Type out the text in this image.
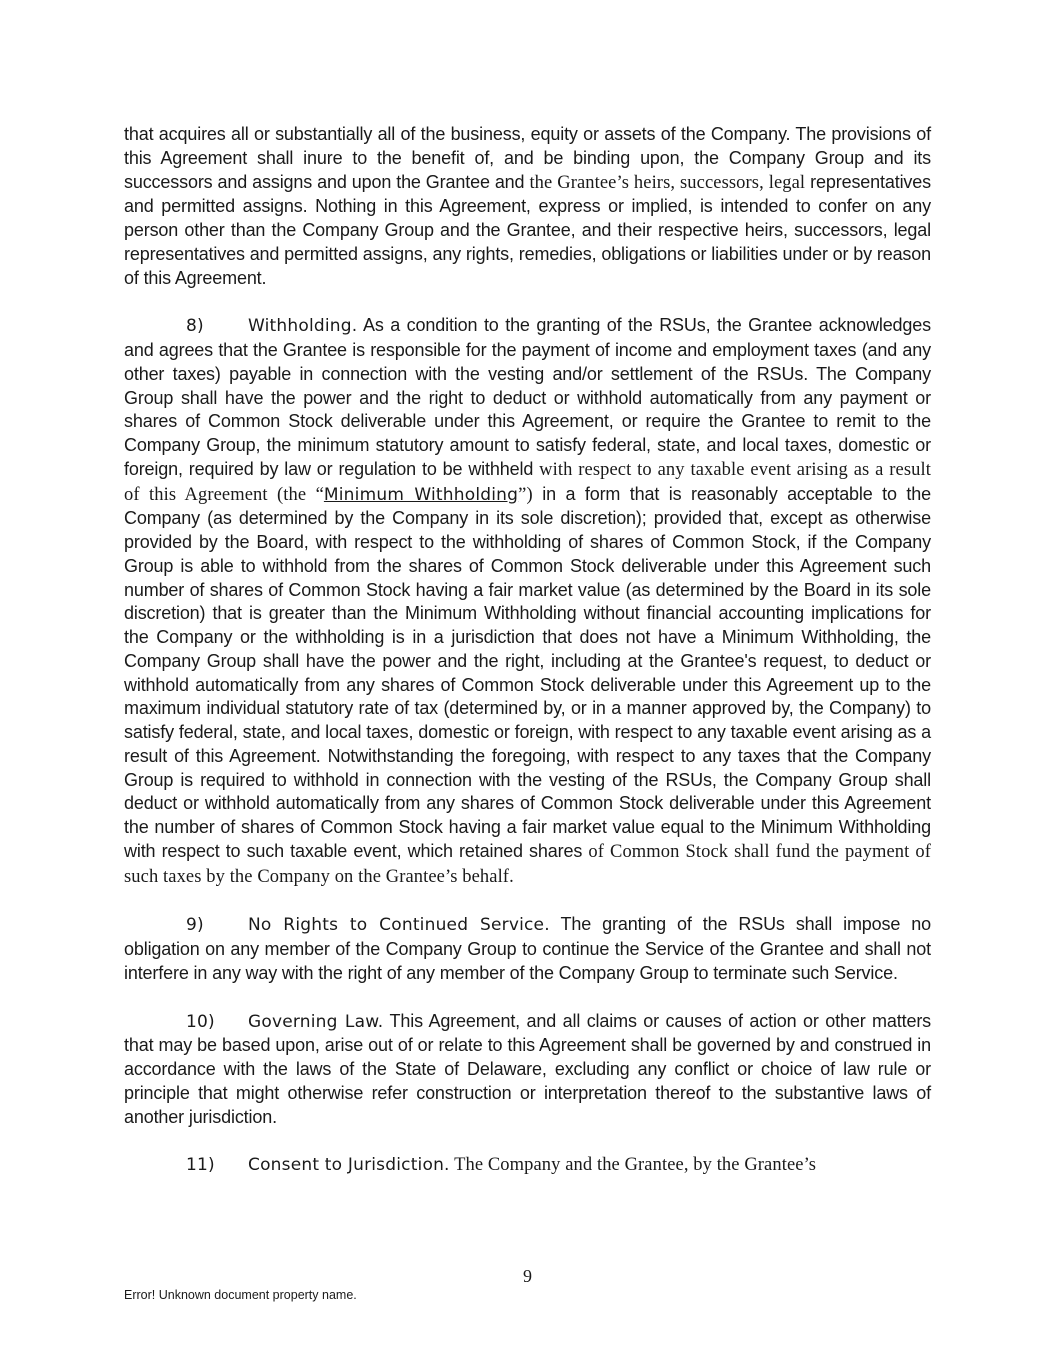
that acquires all or substantially all of the business, equity or assets of the Company. The provisions of this Agreement shall inure to the benefit of, and be binding upon, the Company Group and its successors and assigns and upon the Grantee and the Grantee’s heirs, successors, legal representatives and permitted assigns. Nothing in this Agreement, express or implied, is intended to confer on any person other than the Company Group and the Grantee, and their respective heirs, successors, legal representatives and permitted assigns, any rights, remedies, obligations or liabilities under or by reason of this Agreement.

8)	Withholding. As a condition to the granting of the RSUs, the Grantee acknowledges and agrees that the Grantee is responsible for the payment of income and employment taxes (and any other taxes) payable in connection with the vesting and/or settlement of the RSUs. The Company Group shall have the power and the right to deduct or withhold automatically from any payment or shares of Common Stock deliverable under this Agreement, or require the Grantee to remit to the Company Group, the minimum statutory amount to satisfy federal, state, and local taxes, domestic or foreign, required by law or regulation to be withheld with respect to any taxable event arising as a result of this Agreement (the “Minimum Withholding”) in a form that is reasonably acceptable to the Company (as determined by the Company in its sole discretion); provided that, except as otherwise provided by the Board, with respect to the withholding of shares of Common Stock, if the Company Group is able to withhold from the shares of Common Stock deliverable under this Agreement such number of shares of Common Stock having a fair market value (as determined by the Board in its sole discretion) that is greater than the Minimum Withholding without financial accounting implications for the Company or the withholding is in a jurisdiction that does not have a Minimum Withholding, the Company Group shall have the power and the right, including at the Grantee's request, to deduct or withhold automatically from any shares of Common Stock deliverable under this Agreement up to the maximum individual statutory rate of tax (determined by, or in a manner approved by, the Company) to satisfy federal, state, and local taxes, domestic or foreign, with respect to any taxable event arising as a result of this Agreement. Notwithstanding the foregoing, with respect to any taxes that the Company Group is required to withhold in connection with the vesting of the RSUs, the Company Group shall deduct or withhold automatically from any shares of Common Stock deliverable under this Agreement the number of shares of Common Stock having a fair market value equal to the Minimum Withholding with respect to such taxable event, which retained shares of Common Stock shall fund the payment of such taxes by the Company on the Grantee’s behalf.

9)	No Rights to Continued Service. The granting of the RSUs shall impose no obligation on any member of the Company Group to continue the Service of the Grantee and shall not interfere in any way with the right of any member of the Company Group to terminate such Service.

10) Governing Law. This Agreement, and all claims or causes of action or other matters that may be based upon, arise out of or relate to this Agreement shall be governed by and construed in accordance with the laws of the State of Delaware, excluding any conflict or choice of law rule or principle that might otherwise refer construction or interpretation thereof to the substantive laws of another jurisdiction.

11) Consent to Jurisdiction. The Company and the Grantee, by the Grantee’s

9
Error! Unknown document property name.
